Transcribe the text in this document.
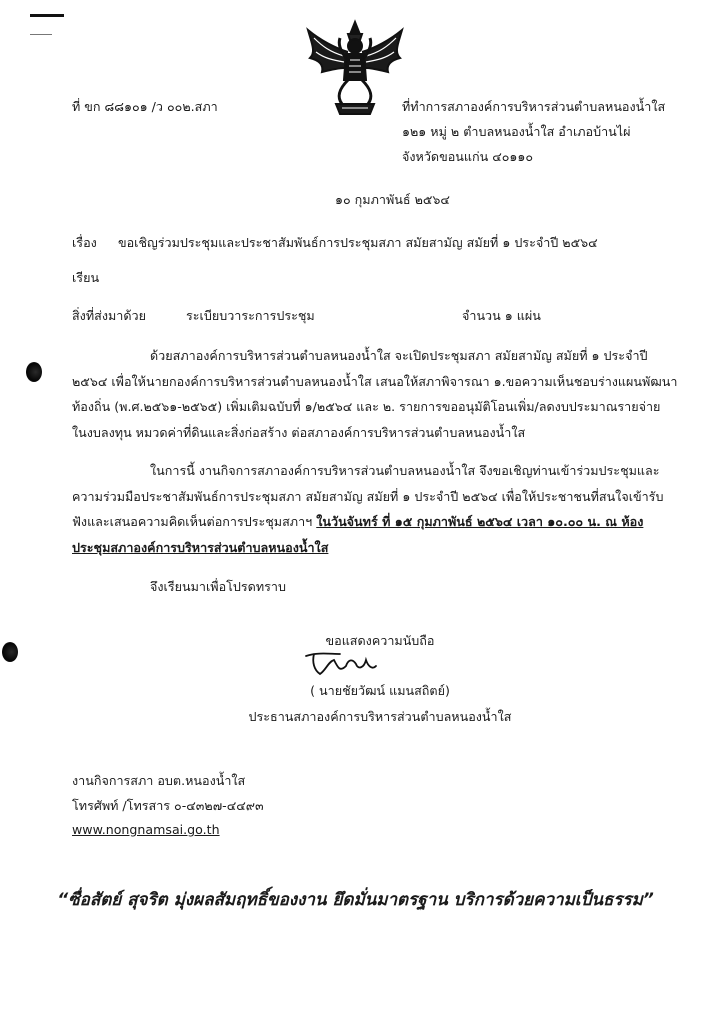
ที่ ขก ๘๘๑๐๑ /ว ๐๐๒.สภา	ที่ทำการสภาองค์การบริหารส่วนตำบลหนองน้ำใส
๑๒๑ หมู่ ๒ ตำบลหนองน้ำใส อำเภอบ้านไผ่
จังหวัดขอนแก่น ๔๐๑๑๐
๑๐ กุมภาพันธ์ ๒๕๖๔
เรื่อง ขอเชิญร่วมประชุมและประชาสัมพันธ์การประชุมสภา สมัยสามัญ สมัยที่ ๑ ประจำปี ๒๕๖๔
เรียน
สิ่งที่ส่งมาด้วย	ระเบียบวาระการประชุม	จำนวน ๑ แผ่น
ด้วยสภาองค์การบริหารส่วนตำบลหนองน้ำใส จะเปิดประชุมสภา สมัยสามัญ สมัยที่ ๑ ประจำปี
๒๕๖๔ เพื่อให้นายกองค์การบริหารส่วนตำบลหนองน้ำใส เสนอให้สภาพิจารณา ๑.ขอความเห็นชอบร่างแผนพัฒนา
ท้องถิ่น (พ.ศ.๒๕๖๑-๒๕๖๕) เพิ่มเติมฉบับที่ ๑/๒๕๖๔ และ ๒. รายการขออนุมัติโอนเพิ่ม/ลดงบประมาณรายจ่าย
ในงบลงทุน หมวดค่าที่ดินและสิ่งก่อสร้าง ต่อสภาองค์การบริหารส่วนตำบลหนองน้ำใส
ในการนี้ งานกิจการสภาองค์การบริหารส่วนตำบลหนองน้ำใส จึงขอเชิญท่านเข้าร่วมประชุมและ
ความร่วมมือประชาสัมพันธ์การประชุมสภา สมัยสามัญ สมัยที่ ๑ ประจำปี ๒๕๖๔ เพื่อให้ประชาชนที่สนใจเข้ารับ
ฟังและเสนอความคิดเห็นต่อการประชุมสภาฯ ในวันจันทร์ ที่ ๑๕ กุมภาพันธ์ ๒๕๖๔ เวลา ๑๐.๐๐ น. ณ ห้อง
ประชุมสภาองค์การบริหารส่วนตำบลหนองน้ำใส
จึงเรียนมาเพื่อโปรดทราบ
ขอแสดงความนับถือ
( นายชัยวัฒน์ แมนสถิตย์)
ประธานสภาองค์การบริหารส่วนตำบลหนองน้ำใส
งานกิจการสภา อบต.หนองน้ำใส
โทรศัพท์ /โทรสาร ๐-๔๓๒๗-๔๔๙๓
www.nongnamsai.go.th
“ซื่อสัตย์ สุจริต มุ่งผลสัมฤทธิ์ของงาน ยึดมั่นมาตรฐาน บริการด้วยความเป็นธรรม”
